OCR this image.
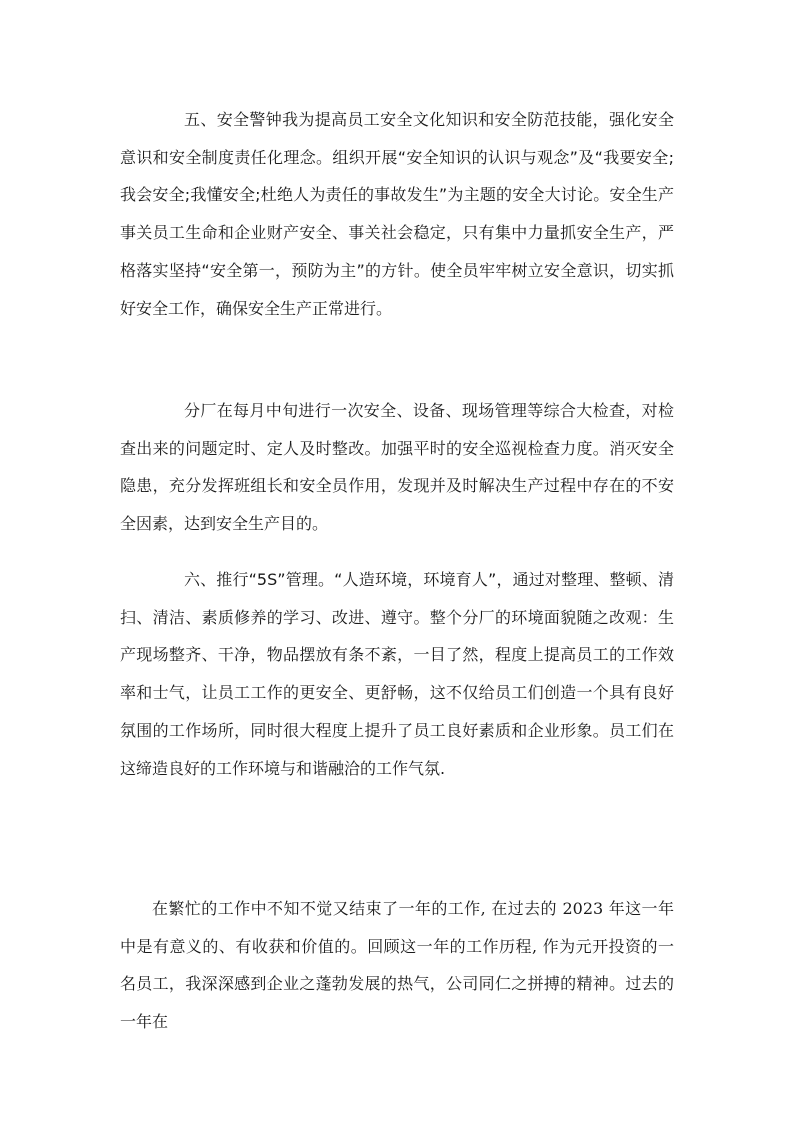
五、安全警钟我为提高员工安全文化知识和安全防范技能，强化安全意识和安全制度责任化理念。组织开展“安全知识的认识与观念”及“我要安全;我会安全;我懂安全;杜绝人为责任的事故发生”为主题的安全大讨论。安全生产事关员工生命和企业财产安全、事关社会稳定，只有集中力量抓安全生产，严格落实坚持“安全第一，预防为主”的方针。使全员牢牢树立安全意识，切实抓好安全工作，确保安全生产正常进行。

分厂在每月中旬进行一次安全、设备、现场管理等综合大检查，对检查出来的问题定时、定人及时整改。加强平时的安全巡视检查力度。消灭安全隐患，充分发挥班组长和安全员作用，发现并及时解决生产过程中存在的不安全因素，达到安全生产目的。

六、推行“5S”管理。“人造环境，环境育人”，通过对整理、整顿、清扫、清洁、素质修养的学习、改进、遵守。整个分厂的环境面貌随之改观：生产现场整齐、干净，物品摆放有条不紊，一目了然，程度上提高员工的工作效率和士气，让员工工作的更安全、更舒畅，这不仅给员工们创造一个具有良好氛围的工作场所，同时很大程度上提升了员工良好素质和企业形象。员工们在这缔造良好的工作环境与和谐融洽的工作气氛.

在繁忙的工作中不知不觉又结束了一年的工作, 在过去的 2023 年这一年中是有意义的、有收获和价值的。回顾这一年的工作历程, 作为元开投资的一名员工，我深深感到企业之蓬勃发展的热气，公司同仁之拼搏的精神。过去的一年在
